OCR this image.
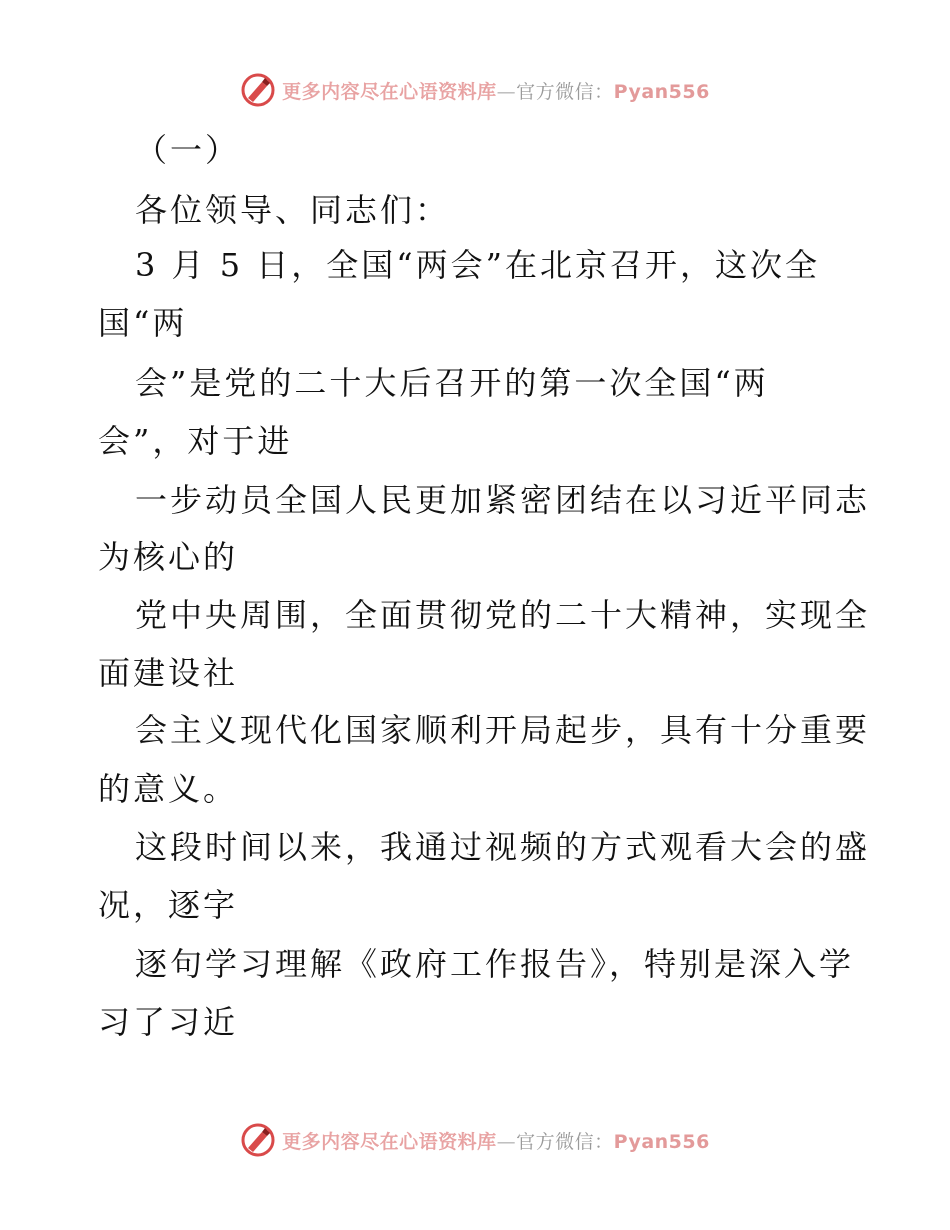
更多内容尽在心语资料库—官方微信：Pyan556
（一）
各位领导、同志们：
3 月 5 日，全国“两会”在北京召开，这次全
国“两
会”是党的二十大后召开的第一次全国“两
会”，对于进
一步动员全国人民更加紧密团结在以习近平同志
为核心的
党中央周围，全面贯彻党的二十大精神，实现全
面建设社
会主义现代化国家顺利开局起步，具有十分重要
的意义。
这段时间以来，我通过视频的方式观看大会的盛
况，逐字
逐句学习理解《政府工作报告》，特别是深入学
习了习近
更多内容尽在心语资料库—官方微信：Pyan556
